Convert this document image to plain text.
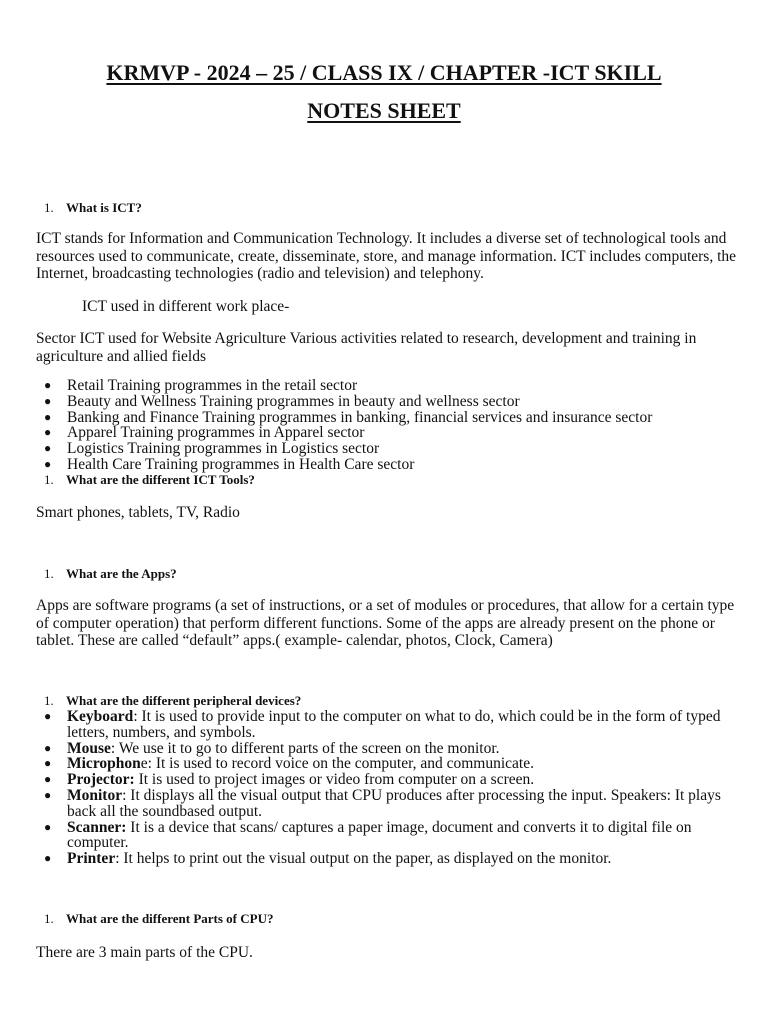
KRMVP - 2024 – 25 / CLASS IX / CHAPTER -ICT SKILL
NOTES SHEET
1. What is ICT?
ICT stands for Information and Communication Technology. It includes a diverse set of technological tools and resources used to communicate, create, disseminate, store, and manage information. ICT includes computers, the Internet, broadcasting technologies (radio and television) and telephony.
ICT used in different work place-
Sector ICT used for Website Agriculture Various activities related to research, development and training in agriculture and allied fields
● Retail Training programmes in the retail sector
● Beauty and Wellness Training programmes in beauty and wellness sector
● Banking and Finance Training programmes in banking, financial services and insurance sector
● Apparel Training programmes in Apparel sector
● Logistics Training programmes in Logistics sector
● Health Care Training programmes in Health Care sector
1. What are the different ICT Tools?
Smart phones, tablets, TV, Radio
1. What are the Apps?
Apps are software programs (a set of instructions, or a set of modules or procedures, that allow for a certain type of computer operation) that perform different functions. Some of the apps are already present on the phone or tablet. These are called “default” apps.( example- calendar, photos, Clock, Camera)
1. What are the different peripheral devices?
● Keyboard: It is used to provide input to the computer on what to do, which could be in the form of typed letters, numbers, and symbols.
● Mouse: We use it to go to different parts of the screen on the monitor.
● Microphone: It is used to record voice on the computer, and communicate.
● Projector: It is used to project images or video from computer on a screen.
● Monitor: It displays all the visual output that CPU produces after processing the input. Speakers: It plays back all the soundbased output.
● Scanner: It is a device that scans/ captures a paper image, document and converts it to digital file on computer.
● Printer: It helps to print out the visual output on the paper, as displayed on the monitor.
1. What are the different Parts of CPU?
There are 3 main parts of the CPU.
